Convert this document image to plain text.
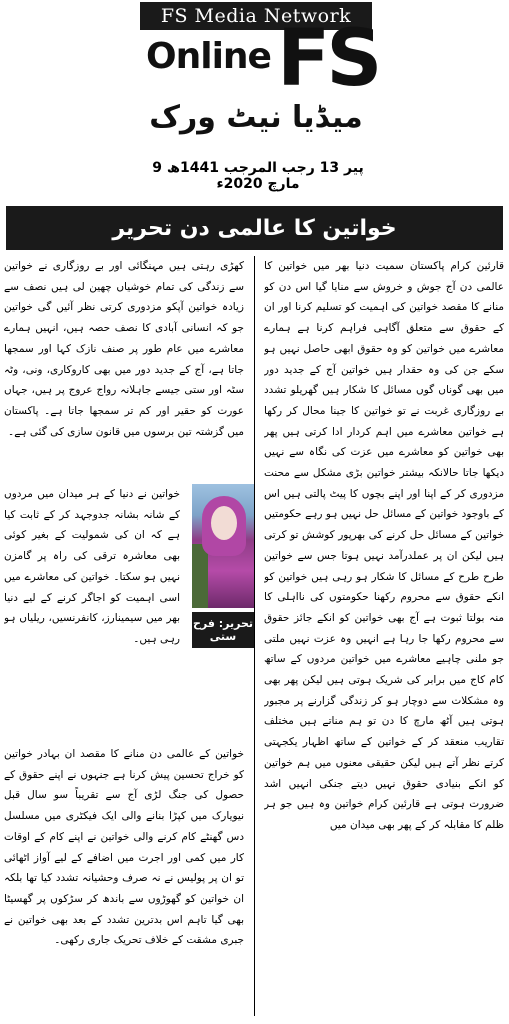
FS Media Network
Online FS
میڈیا نیٹ ورک
پیر 13 رجب المرجب 1441ھ 9 مارچ 2020ء
خواتین کا عالمی دن تحریر
قارئین کرام پاکستان سمیت دنیا بھر میں خواتین کا عالمی دن آج جوش و خروش سے منایا گیا اس دن کو منانے کا مقصد خواتین کی اہمیت کو تسلیم کرنا اور ان کے حقوق سے متعلق آگاہی فراہم کرنا ہے ہمارے معاشرے میں خواتین کو وہ حقوق ابھی حاصل نہیں ہو سکے جن کی وہ حقدار ہیں خواتین آج کے جدید دور میں بھی گوناں گوں مسائل کا شکار ہیں گھریلو تشدد بے روزگاری غربت نے تو خواتین کا جینا محال کر رکھا ہے خواتین معاشرے میں اہم کردار ادا کرتی ہیں پھر بھی خواتین کو معاشرے میں عزت کی نگاہ سے نہیں دیکھا جاتا حالانکہ بیشتر خواتین بڑی مشکل سے محنت مزدوری کر کے اپنا اور اپنے بچوں کا پیٹ پالتی ہیں اس کے باوجود خواتین کے مسائل حل نہیں ہو رہے حکومتیں خواتین کے مسائل حل کرنے کی بھرپور کوشش تو کرتی ہیں لیکن ان پر عملدرآمد نہیں ہوتا جس سے خواتین طرح طرح کے مسائل کا شکار ہو رہی ہیں خواتین کو انکے حقوق سے محروم رکھنا حکومتوں کی نااہلی کا منہ بولتا ثبوت ہے آج بھی خواتین کو انکے جائز حقوق سے محروم رکھا جا رہا ہے انہیں وہ عزت نہیں ملتی جو ملنی چاہیے معاشرے میں خواتین مردوں کے ساتھ کام کاج میں برابر کی شریک ہوتی ہیں لیکن پھر بھی وہ مشکلات سے دوچار ہو کر زندگی گزارنے پر مجبور ہوتی ہیں آٹھ مارچ کا دن تو ہم مناتے ہیں مختلف تقاریب منعقد کر کے خواتین کے ساتھ اظہار یکجہتی کرتے نظر آتے ہیں لیکن حقیقی معنوں میں ہم خواتین کو انکے بنیادی حقوق نہیں دیتے جنکی انہیں اشد ضرورت ہوتی ہے قارئین کرام خواتین وہ ہیں جو ہر ظلم کا مقابلہ کر کے پھر بھی میدان میں
کھڑی رہتی ہیں مہنگائی اور بے روزگاری نے خواتین سے زندگی کی تمام خوشیاں چھین لی ہیں نصف سے زیادہ خواتین آپکو مزدوری کرتی نظر آئیں گی خواتین جو کہ انسانی آبادی کا نصف حصہ ہیں، انہیں ہمارے معاشرے میں عام طور پر صنف نازک کہا اور سمجھا جاتا ہے، آج کے جدید دور میں بھی کاروکاری، ونی، وٹہ سٹہ اور ستی جیسے جاہلانہ رواج عروج پر ہیں، جہاں عورت کو حقیر اور کم تر سمجھا جاتا ہے۔ پاکستان میں گزشتہ تین برسوں میں قانون سازی کی گئی ہے۔
خواتین نے دنیا کے ہر میدان میں مردوں کے شانہ بشانہ جدوجہد کر کے ثابت کیا ہے کہ ان کی شمولیت کے بغیر کوئی بھی معاشرہ ترقی کی راہ پر گامزن نہیں ہو سکتا۔ خواتین کی معاشرے میں اسی اہمیت کو اجاگر کرنے کے لیے دنیا بھر میں سیمینارز، کانفرنسیں، ریلیاں ہو رہی ہیں۔
تحریر: فرح ستی
خواتین کے عالمی دن منانے کا مقصد ان بہادر خواتین کو خراج تحسین پیش کرنا ہے جنہوں نے اپنے حقوق کے حصول کی جنگ لڑی آج سے تقریباً سو سال قبل نیویارک میں کپڑا بنانے والی ایک فیکٹری میں مسلسل دس گھنٹے کام کرنے والی خواتین نے اپنے کام کے اوقات کار میں کمی اور اجرت میں اضافے کے لیے آواز اٹھائی تو ان پر پولیس نے نہ صرف وحشیانہ تشدد کیا تھا بلکہ ان خواتین کو گھوڑوں سے باندھ کر سڑکوں پر گھسیٹا بھی گیا تاہم اس بدترین تشدد کے بعد بھی خواتین نے جبری مشقت کے خلاف تحریک جاری رکھی۔
